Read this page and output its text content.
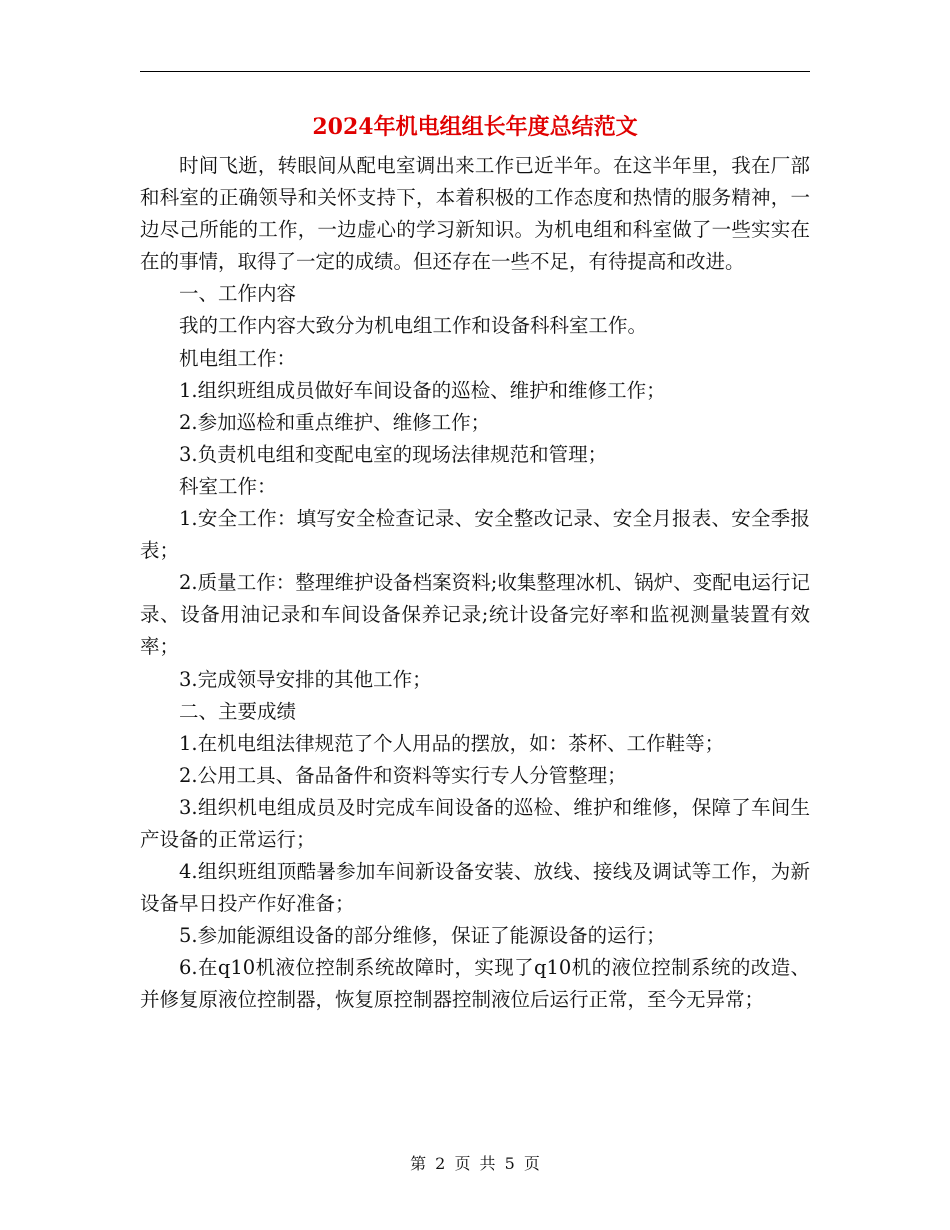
2024年机电组组长年度总结范文

时间飞逝，转眼间从配电室调出来工作已近半年。在这半年里，我在厂部和科室的正确领导和关怀支持下，本着积极的工作态度和热情的服务精神，一边尽己所能的工作，一边虚心的学习新知识。为机电组和科室做了一些实实在在的事情，取得了一定的成绩。但还存在一些不足，有待提高和改进。

一、工作内容

我的工作内容大致分为机电组工作和设备科科室工作。

机电组工作：

1.组织班组成员做好车间设备的巡检、维护和维修工作；

2.参加巡检和重点维护、维修工作；

3.负责机电组和变配电室的现场法律规范和管理；

科室工作：

1.安全工作：填写安全检查记录、安全整改记录、安全月报表、安全季报表；

2.质量工作：整理维护设备档案资料;收集整理冰机、锅炉、变配电运行记录、设备用油记录和车间设备保养记录;统计设备完好率和监视测量装置有效率；

3.完成领导安排的其他工作；

二、主要成绩

1.在机电组法律规范了个人用品的摆放，如：茶杯、工作鞋等；

2.公用工具、备品备件和资料等实行专人分管整理；

3.组织机电组成员及时完成车间设备的巡检、维护和维修，保障了车间生产设备的正常运行；

4.组织班组顶酷暑参加车间新设备安装、放线、接线及调试等工作，为新设备早日投产作好准备；

5.参加能源组设备的部分维修，保证了能源设备的运行；

6.在q10机液位控制系统故障时，实现了q10机的液位控制系统的改造、并修复原液位控制器，恢复原控制器控制液位后运行正常，至今无异常；

第 2 页 共 5 页
